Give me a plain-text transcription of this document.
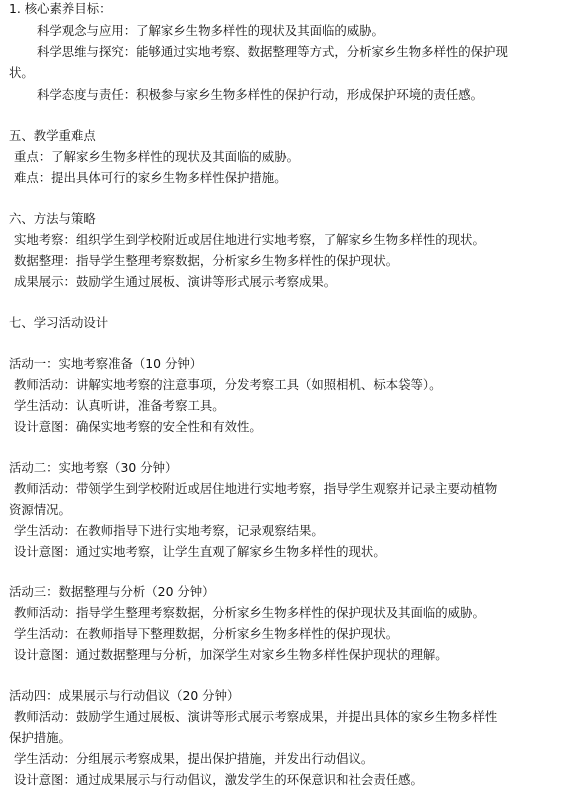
1. 核心素养目标：
科学观念与应用：了解家乡生物多样性的现状及其面临的威胁。
科学思维与探究：能够通过实地考察、数据整理等方式，分析家乡生物多样性的保护现
状。
科学态度与责任：积极参与家乡生物多样性的保护行动，形成保护环境的责任感。
五、教学重难点
重点：了解家乡生物多样性的现状及其面临的威胁。
难点：提出具体可行的家乡生物多样性保护措施。
六、方法与策略
实地考察：组织学生到学校附近或居住地进行实地考察，了解家乡生物多样性的现状。
数据整理：指导学生整理考察数据，分析家乡生物多样性的保护现状。
成果展示：鼓励学生通过展板、演讲等形式展示考察成果。
七、学习活动设计
活动一：实地考察准备（10 分钟）
教师活动：讲解实地考察的注意事项，分发考察工具（如照相机、标本袋等）。
学生活动：认真听讲，准备考察工具。
设计意图：确保实地考察的安全性和有效性。
活动二：实地考察（30 分钟）
教师活动：带领学生到学校附近或居住地进行实地考察，指导学生观察并记录主要动植物
资源情况。
学生活动：在教师指导下进行实地考察，记录观察结果。
设计意图：通过实地考察，让学生直观了解家乡生物多样性的现状。
活动三：数据整理与分析（20 分钟）
教师活动：指导学生整理考察数据，分析家乡生物多样性的保护现状及其面临的威胁。
学生活动：在教师指导下整理数据，分析家乡生物多样性的保护现状。
设计意图：通过数据整理与分析，加深学生对家乡生物多样性保护现状的理解。
活动四：成果展示与行动倡议（20 分钟）
教师活动：鼓励学生通过展板、演讲等形式展示考察成果，并提出具体的家乡生物多样性
保护措施。
学生活动：分组展示考察成果，提出保护措施，并发出行动倡议。
设计意图：通过成果展示与行动倡议，激发学生的环保意识和社会责任感。
